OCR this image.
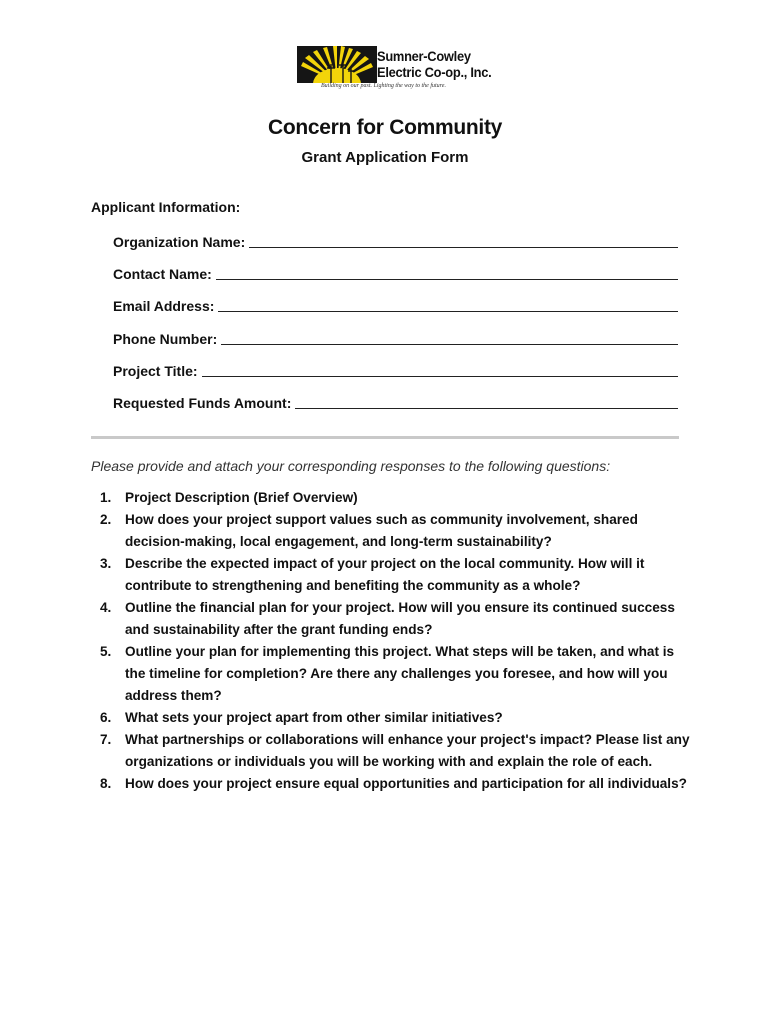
Sumner-Cowley
Electric Co-op., Inc.
Building on our past. Lighting the way to the future.
Concern for Community
Grant Application Form
Applicant Information:
Organization Name:
Contact Name:
Email Address:
Phone Number:
Project Title:
Requested Funds Amount:
Please provide and attach your corresponding responses to the following questions:
1. Project Description (Brief Overview)
2. How does your project support values such as community involvement, shared decision-making, local engagement, and long-term sustainability?
3. Describe the expected impact of your project on the local community. How will it contribute to strengthening and benefiting the community as a whole?
4. Outline the financial plan for your project. How will you ensure its continued success and sustainability after the grant funding ends?
5. Outline your plan for implementing this project. What steps will be taken, and what is the timeline for completion? Are there any challenges you foresee, and how will you address them?
6. What sets your project apart from other similar initiatives?
7. What partnerships or collaborations will enhance your project's impact? Please list any organizations or individuals you will be working with and explain the role of each.
8. How does your project ensure equal opportunities and participation for all individuals?
